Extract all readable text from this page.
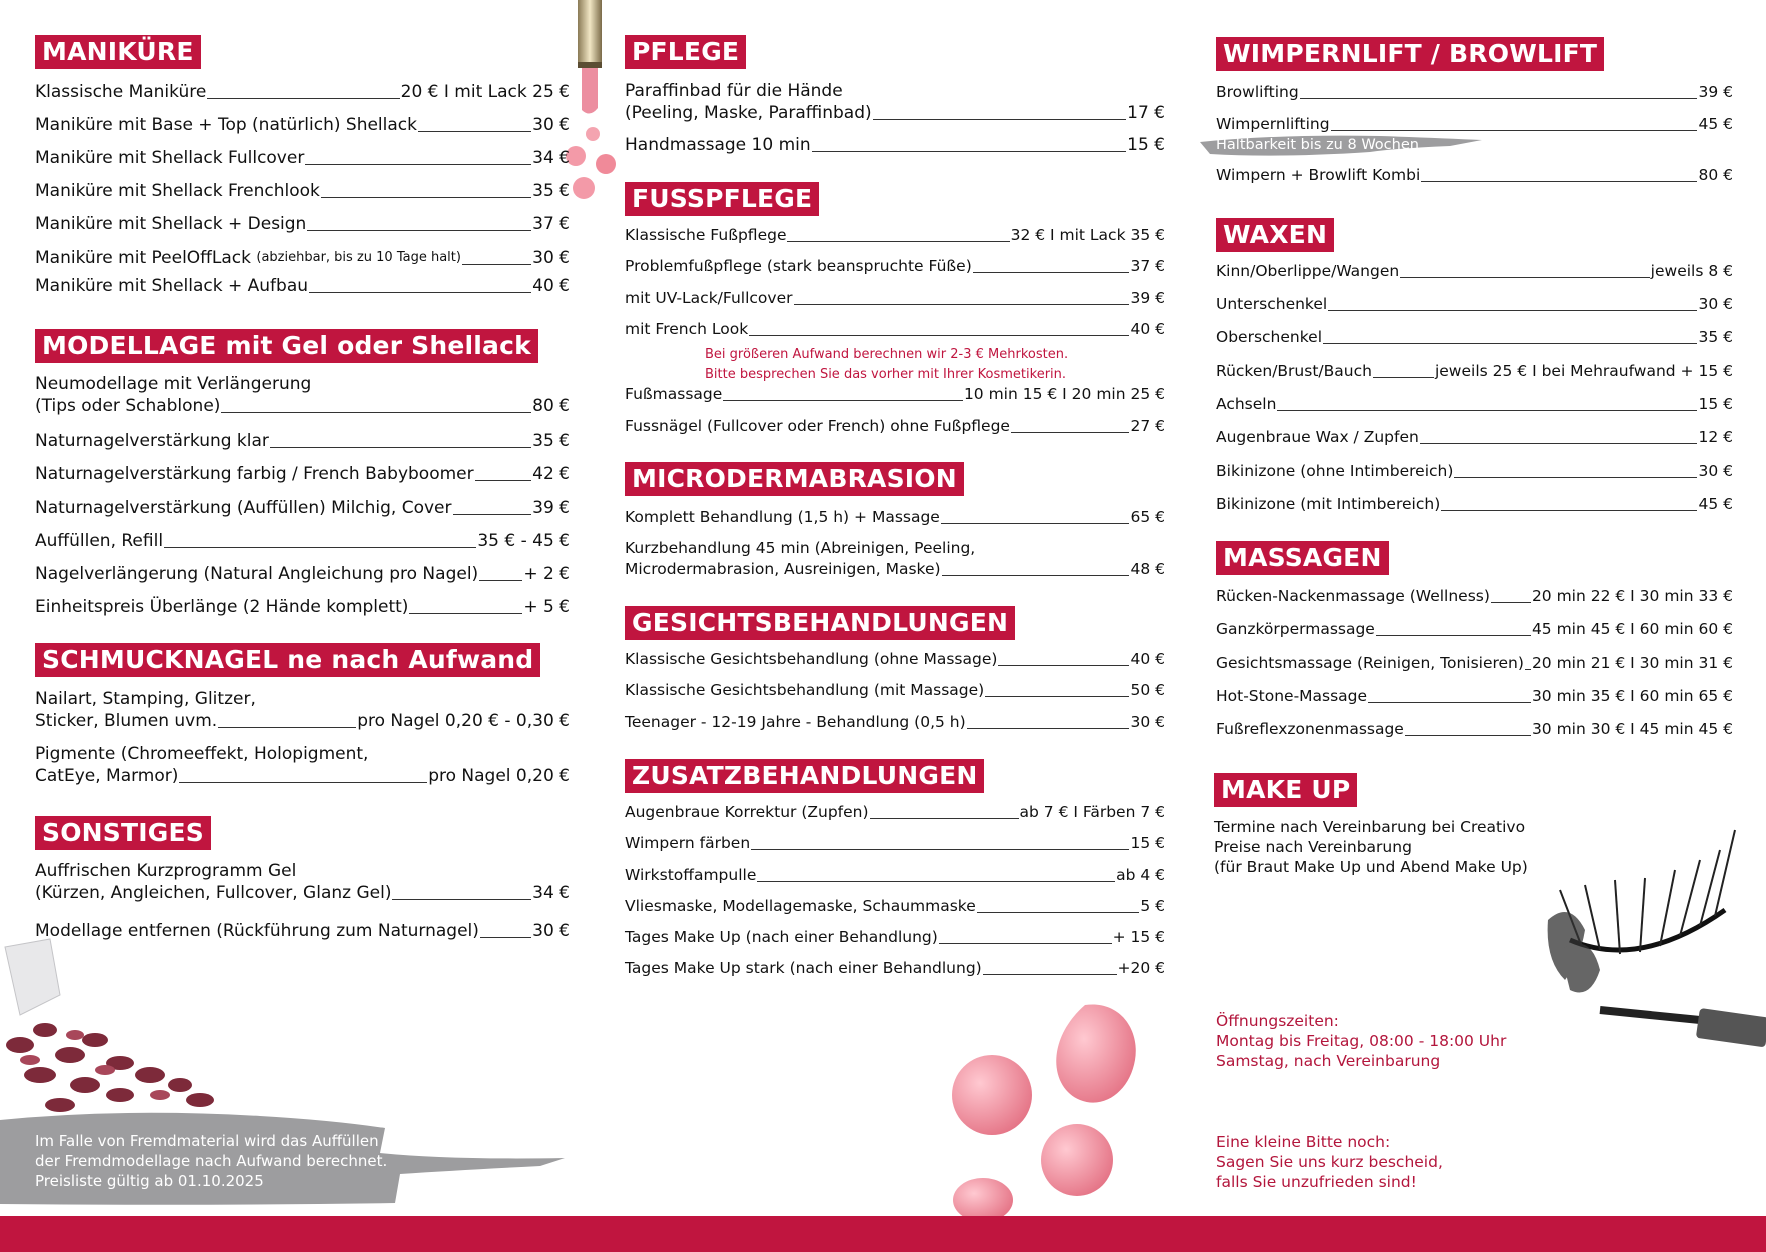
Im Falle von Fremdmaterial wird das Auffüllen
der Fremdmodellage nach Aufwand berechnet.
Preisliste gültig ab 01.10.2025
Haltbarkeit bis zu 8 Wochen
MANIKÜRE
Klassische Maniküre	20 € I mit Lack 25 €
Maniküre mit Base + Top (natürlich) Shellack	30 €
Maniküre mit Shellack Fullcover	34 €
Maniküre mit Shellack Frenchlook	35 €
Maniküre mit Shellack + Design	37 €
Maniküre mit PeelOffLack
(abziehbar, bis zu 10 Tage halt)	30 €
Maniküre mit Shellack + Aufbau	40 €
MODELLAGE mit Gel oder Shellack
Neumodellage mit Verlängerung
(Tips oder Schablone)	80 €
Naturnagelverstärkung klar	35 €
Naturnagelverstärkung farbig / French Babyboomer	42 €
Naturnagelverstärkung (Auffüllen) Milchig, Cover	39 €
Auffüllen, Refill	35 € - 45 €
Nagelverlängerung (Natural Angleichung pro Nagel)	+ 2 €
Einheitspreis Überlänge (2 Hände komplett)	+ 5 €
SCHMUCKNAGEL ne nach Aufwand
Nailart, Stamping, Glitzer,
Sticker, Blumen uvm.	pro Nagel 0,20 € - 0,30 €
Pigmente (Chromeeffekt, Holopigment,
CatEye, Marmor)	pro Nagel 0,20 €
SONSTIGES
Auffrischen Kurzprogramm Gel
(Kürzen, Angleichen, Fullcover, Glanz Gel)	34 €
Modellage entfernen (Rückführung zum Naturnagel)	30 €
PFLEGE
Paraffinbad für die Hände
(Peeling, Maske, Paraffinbad)	17 €
Handmassage 10 min	15 €
FUSSPFLEGE
Klassische Fußpflege	32 € I mit Lack 35 €
Problemfußpflege (stark beanspruchte Füße)	37 €
mit UV-Lack/Fullcover	39 €
mit French Look	40 €
Bei größeren Aufwand berechnen wir 2-3 € Mehrkosten.
Bitte besprechen Sie das vorher mit Ihrer Kosmetikerin.
Fußmassage	10 min 15 € I 20 min 25 €
Fussnägel (Fullcover oder French) ohne Fußpflege	27 €
MICRODERMABRASION
Komplett Behandlung (1,5 h) + Massage	65 €
Kurzbehandlung 45 min (Abreinigen, Peeling,
Microdermabrasion, Ausreinigen, Maske)	48 €
GESICHTSBEHANDLUNGEN
Klassische Gesichtsbehandlung (ohne Massage)	40 €
Klassische Gesichtsbehandlung (mit Massage)	50 €
Teenager - 12-19 Jahre - Behandlung (0,5 h)	30 €
ZUSATZBEHANDLUNGEN
Augenbraue Korrektur (Zupfen)	ab 7 € I Färben 7 €
Wimpern färben	15 €
Wirkstoffampulle	ab 4 €
Vliesmaske, Modellagemaske, Schaummaske	5 €
Tages Make Up (nach einer Behandlung)	+ 15 €
Tages Make Up stark (nach einer Behandlung)	+20 €
WIMPERNLIFT / BROWLIFT
Browlifting	39 €
Wimpernlifting	45 €
Wimpern + Browlift Kombi	80 €
WAXEN
Kinn/Oberlippe/Wangen	jeweils 8 €
Unterschenkel	30 €
Oberschenkel	35 €
Rücken/Brust/Bauch	jeweils 25 € I bei Mehraufwand + 15 €
Achseln	15 €
Augenbraue Wax / Zupfen	12 €
Bikinizone (ohne Intimbereich)	30 €
Bikinizone (mit Intimbereich)	45 €
MASSAGEN
Rücken-Nackenmassage (Wellness)	20 min 22 € I 30 min 33 €
Ganzkörpermassage	45 min 45 € I 60 min 60 €
Gesichtsmassage (Reinigen, Tonisieren) 20 min 21 € I 30 min 31 €
Hot-Stone-Massage	30 min 35 € I 60 min 65 €
Fußreflexzonenmassage	30 min 30 € I 45 min 45 €
MAKE UP
Termine nach Vereinbarung bei Creativo
Preise nach Vereinbarung
(für Braut Make Up und Abend Make Up)
Öffnungszeiten:
Montag bis Freitag, 08:00 - 18:00 Uhr
Samstag, nach Vereinbarung
Eine kleine Bitte noch:
Sagen Sie uns kurz bescheid,
falls Sie unzufrieden sind!
